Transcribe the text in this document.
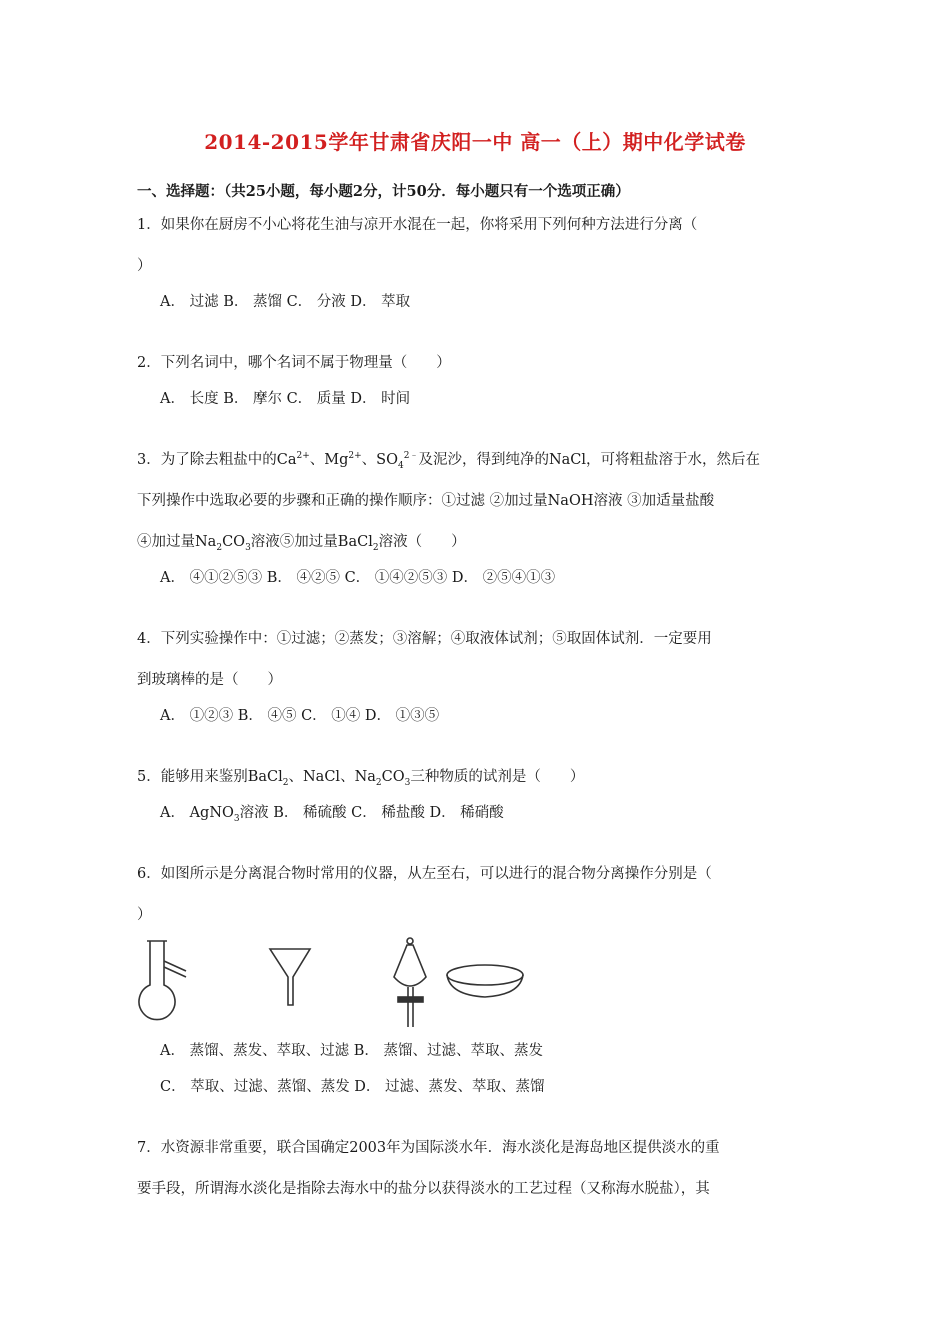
2014-2015学年甘肃省庆阳一中 高一（上）期中化学试卷
一、选择题：（共25小题，每小题2分，计50分．每小题只有一个选项正确）
1．如果你在厨房不小心将花生油与凉开水混在一起，你将采用下列何种方法进行分离（
）
A． 过滤 B． 蒸馏 C． 分液 D． 萃取
2．下列名词中，哪个名词不属于物理量（　　）
A． 长度 B． 摩尔 C． 质量 D． 时间
3．为了除去粗盐中的$Ca^{2+}$、$Mg^{2+}$、$SO_4^{2﹣}$及泥沙，得到纯净的NaCl，可将粗盐溶于水，然后在
下列操作中选取必要的步骤和正确的操作顺序：①过滤 ②加过量NaOH溶液 ③加适量盐酸
④加过量$Na_2CO_3$溶液⑤加过量BaCl$_2$溶液（　　）
A． ④①②⑤③ B． ④②⑤ C． ①④②⑤③ D． ②⑤④①③
4．下列实验操作中：①过滤；②蒸发；③溶解；④取液体试剂；⑤取固体试剂．一定要用
到玻璃棒的是（　　）
A． ①②③ B． ④⑤ C． ①④ D． ①③⑤
5．能够用来鉴别BaCl$_2$、NaCl、$Na_2CO_3$三种物质的试剂是（　　）
A． AgNO$_3$溶液 B． 稀硫酸 C． 稀盐酸 D． 稀硝酸
6．如图所示是分离混合物时常用的仪器，从左至右，可以进行的混合物分离操作分别是（
）
A． 蒸馏、蒸发、萃取、过滤 B． 蒸馏、过滤、萃取、蒸发
C． 萃取、过滤、蒸馏、蒸发 D． 过滤、蒸发、萃取、蒸馏
7．水资源非常重要，联合国确定2003年为国际淡水年．海水淡化是海岛地区提供淡水的重
要手段，所谓海水淡化是指除去海水中的盐分以获得淡水的工艺过程（又称海水脱盐），其
